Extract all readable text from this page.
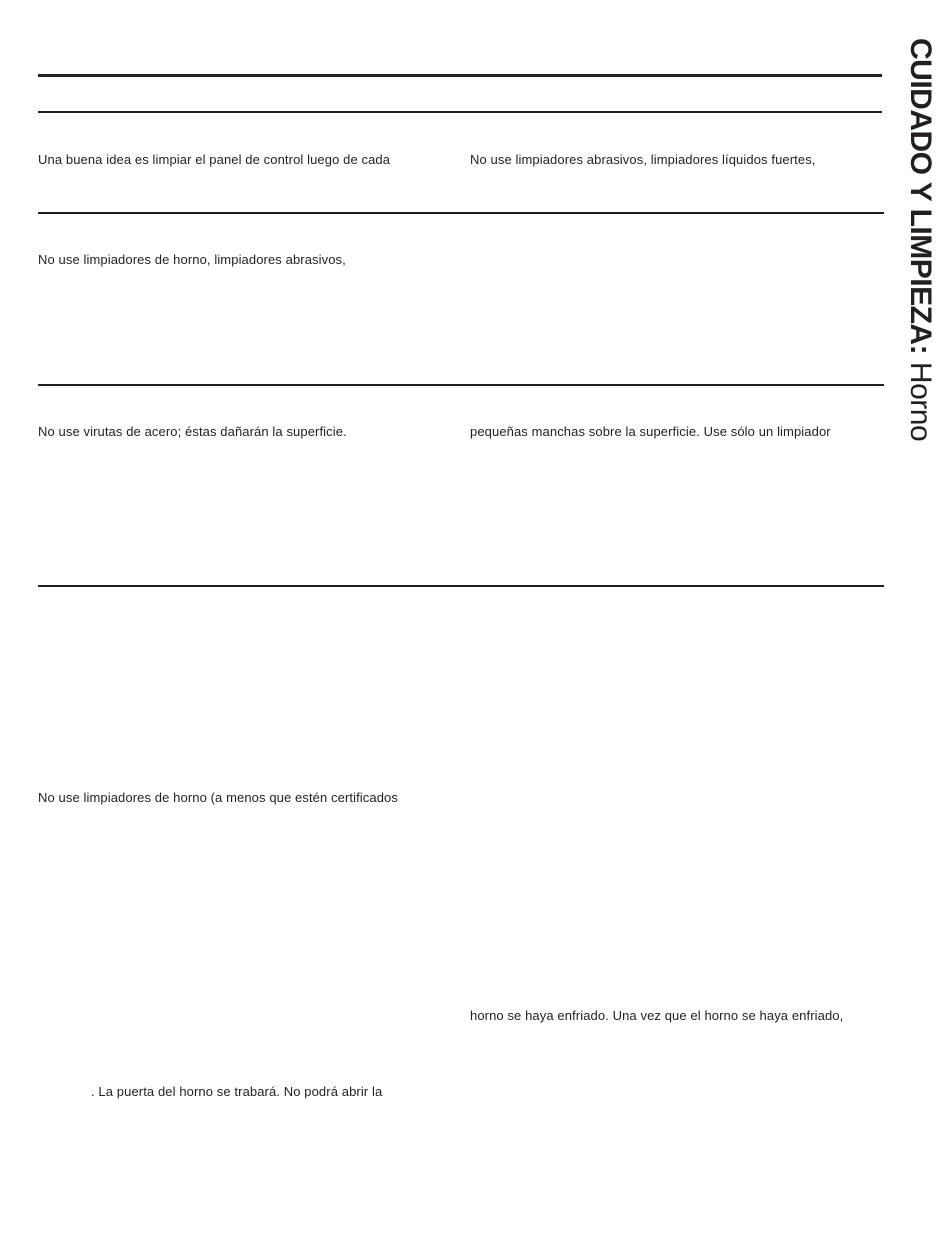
Una buena idea es limpiar el panel de control luego de cada	No use limpiadores abrasivos, limpiadores líquidos fuertes,
No use limpiadores de horno, limpiadores abrasivos,
No use virutas de acero; éstas dañarán la superficie.	pequeñas manchas sobre la superficie. Use sólo un limpiador
No use limpiadores de horno (a menos que estén certificados
horno se haya enfriado. Una vez que el horno se haya enfriado,
. La puerta del horno se trabará. No podrá abrir la
CUIDADO Y LIMPIEZA: Horno
